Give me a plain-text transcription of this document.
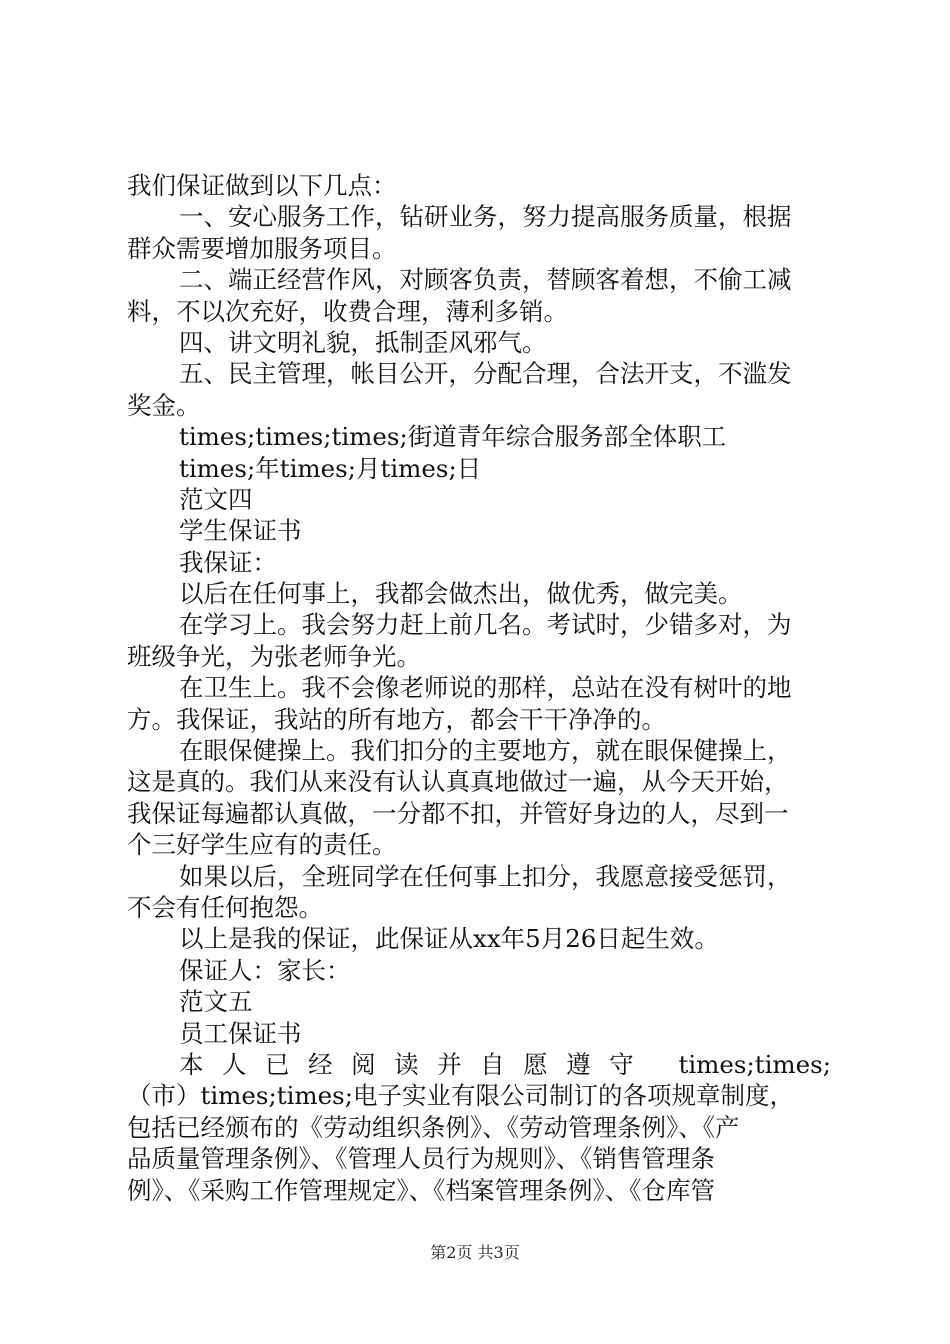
我们保证做到以下几点：
一、安心服务工作，钻研业务，努力提高服务质量，根据
群众需要增加服务项目。
二、端正经营作风，对顾客负责，替顾客着想，不偷工减
料，不以次充好，收费合理，薄利多销。
四、讲文明礼貌，抵制歪风邪气。
五、民主管理，帐目公开，分配合理，合法开支，不滥发
奖金。
times;times;times;街道青年综合服务部全体职工
times;年times;月times;日
范文四
学生保证书
我保证：
以后在任何事上，我都会做杰出，做优秀，做完美。
在学习上。我会努力赶上前几名。考试时，少错多对，为
班级争光，为张老师争光。
在卫生上。我不会像老师说的那样，总站在没有树叶的地
方。我保证，我站的所有地方，都会干干净净的。
在眼保健操上。我们扣分的主要地方，就在眼保健操上，
这是真的。我们从来没有认认真真地做过一遍，从今天开始，
我保证每遍都认真做，一分都不扣，并管好身边的人，尽到一
个三好学生应有的责任。
如果以后，全班同学在任何事上扣分，我愿意接受惩罚，
不会有任何抱怨。
以上是我的保证，此保证从xx年5月26日起生效。
保证人：家长：
范文五
员工保证书
本人已经阅读并自愿遵守 times;times;
（市）times;times;电子实业有限公司制订的各项规章制度，
包括已经颁布的《劳动组织条例》、《劳动管理条例》、《产
品质量管理条例》、《管理人员行为规则》、《销售管理条
例》、《采购工作管理规定》、《档案管理条例》、《仓库管
第2页 共3页
